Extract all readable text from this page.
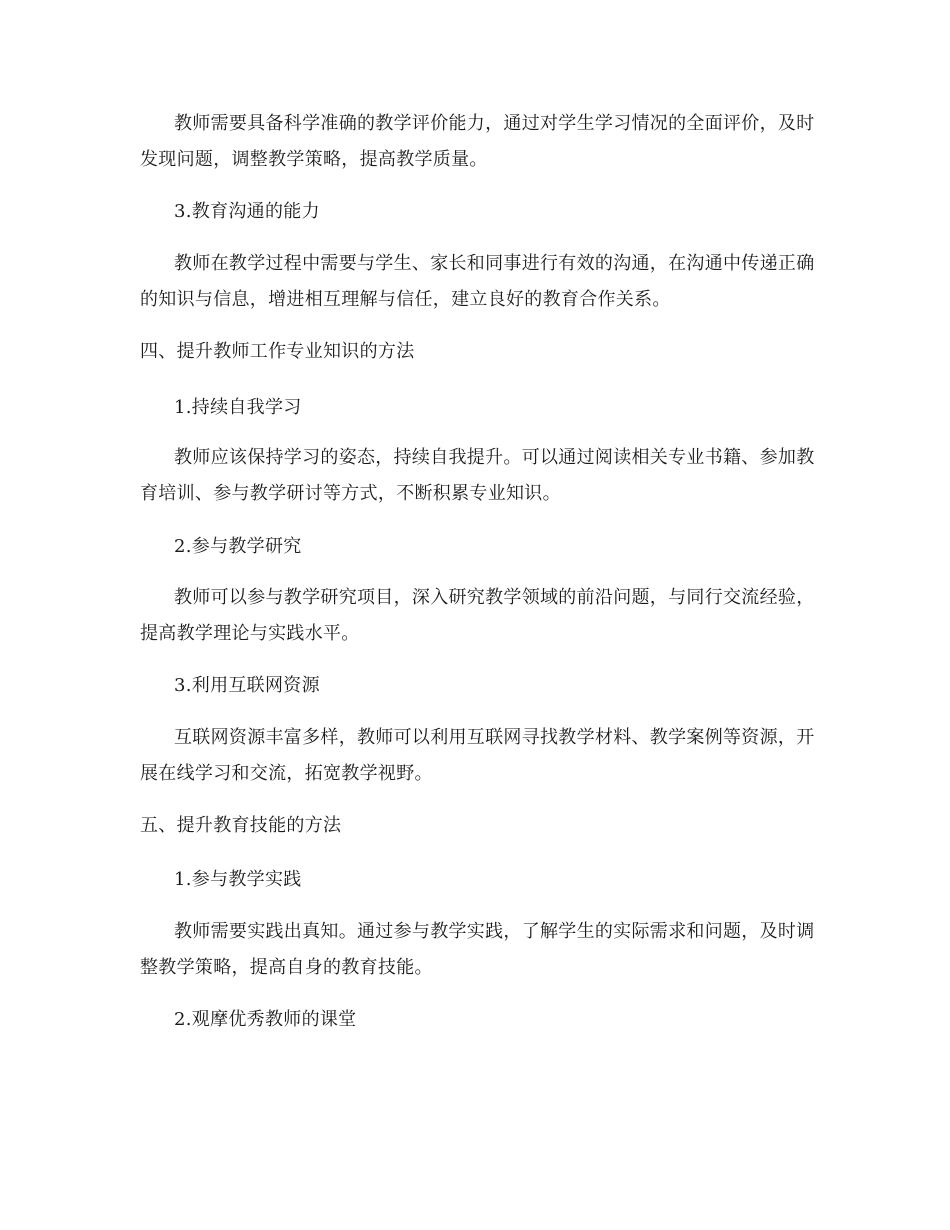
教师需要具备科学准确的教学评价能力，通过对学生学习情况的全面评价，及时发现问题，调整教学策略，提高教学质量。
3.教育沟通的能力
教师在教学过程中需要与学生、家长和同事进行有效的沟通，在沟通中传递正确的知识与信息，增进相互理解与信任，建立良好的教育合作关系。
四、提升教师工作专业知识的方法
1.持续自我学习
教师应该保持学习的姿态，持续自我提升。可以通过阅读相关专业书籍、参加教育培训、参与教学研讨等方式，不断积累专业知识。
2.参与教学研究
教师可以参与教学研究项目，深入研究教学领域的前沿问题，与同行交流经验，提高教学理论与实践水平。
3.利用互联网资源
互联网资源丰富多样，教师可以利用互联网寻找教学材料、教学案例等资源，开展在线学习和交流，拓宽教学视野。
五、提升教育技能的方法
1.参与教学实践
教师需要实践出真知。通过参与教学实践，了解学生的实际需求和问题，及时调整教学策略，提高自身的教育技能。
2.观摩优秀教师的课堂
